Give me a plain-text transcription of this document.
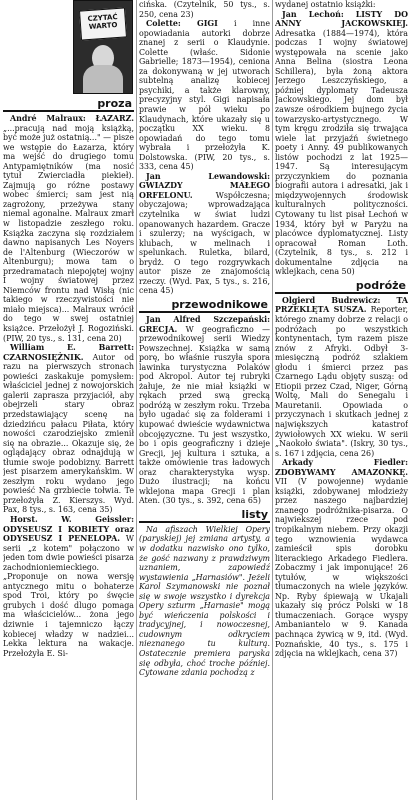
CZYTAĆ WARTO
proza

André Malraux: ŁAZARZ. „...pracują nad moją książką, być może już ostatnią..." — pisze we wstępie do Łazarza, który ma wejść do drugiego tomu Antypamiętników (ma nosić tytuł Zwierciadła piekieł). Zajmują go różne postawy wobec śmierci; sam jest nią zagrożony, przeżywa stany niemal agonalne. Malraux zmarł w listopadzie zeszłego roku. Książka zaczyna się rozdziałem dawno napisanych Les Noyers de l'Altenburg (Wieczorów w Altenburgu); mowa tam o przedramatach niepojętej wojny I wojny światowej przez Niemców frontu nad Wisłą (nic takiego w rzeczywistości nie miało miejsca)... Malraux wrócił do tego w swej ostatniej książce. Przełożył J. Rogoziński. (PIW, 20 tys., s. 131, cena 20)

William E. Barrett: CZARNOSIĘŻNIK. Autor od razu na pierwszych stronach powieści zaskakuje pomysłem: właściciel jednej z nowojorskich galerii zaprasza przyjaciół, aby obejrzeli stary obraz przedstawiający scenę na dziedzińcu pałacu Piłata, który nowości czarodziejsko zmienił się na obrazie... Okazuje się, że oglądający obraz odnajdują w tłumie swoje podobizny. Barrett jest pisarzem amerykańskim. W zeszłym roku wydano jego powieść Na grzbiecie tołwia. Te przełożyła Z. Kierszys. Wyd. Pax, 8 tys., s. 163, cena 35)

Horst. W. Geissler: ODYSEUSZ I KOBIETY oraz ODYSEUSZ I PENELOPA. W serii „z kotem" połączono w jeden tom dwie powieści pisarza zachodnioniemieckiego. „Proponuje on nowa wersję antycznego mitu o bohaterze spod Troi, który po śwęcie grubych i dość dlugo pomaga ma właścicielów... żona jego dziwnie i tajemniczo łączy kobiecej władzy w nadziei... Lekka lektura na wakacje. Przełożyła E. Si-

cińska. (Czytelnik, 50 tys., s. 250, cena 23)

Colette: GIGI i inne opowiadania autorki dobrze znanej z serii o Klaudynie. Colette (właśc. Sidonie Gabrielle; 1873—1954), ceniona za dokonywaną w jej utworach subtelną analizę kobiecej psychiki, a także klarowny, precyzyjny styl. Gigi napisała prawie w pół wieku po Klaudynach, które ukazały się u początku XX wieku. 8 opowiadań do tego tomu wybrała i przełożyła K. Dolstowska. (PIW, 20 tys., s. 333, cena 45)

Jan Lewandowski: GWIAZDY MAŁEGO ORFELONU.	Współczesna; obyczajowa; wprowadzająca czytelnika w świat ludzi opanowanych hazardem. Gracze i szulerzy; na wyścigach, w klubach, w melinach i spelunkach. Ruletka, bilard, brydż. O tego rozgrywkach autor pisze ze znajomością rzeczy. (Wyd. Pax, 5 tys., s. 216, cena 45)

przewodnikowe

Jan Alfred Szczepański: GRECJA. W geograficzno — przewodnikowej serii Wiedzy Powszechnej. Książka w samą porę, bo właśnie ruszyła spora lawinka turystyczna Polaków pod Akropol. Autor tej rubryki żałuje, że nie miał książki w rękach przed swą grecką podróżą w zeszłym roku. Trzeba było ugadać się za folderami i kupować dwieście wydawnictwa obcojęzyczne. Tu jest wszystko, bo i opis geograficzny i dzieje Grecji, jej kultura i sztuka, a także omówienie tras ładowych oraz charakterystyka wysp. Dużo ilustracji; na końcu wklejona mapa Grecji i plan Aten. (30 tys., s. 392, cena 65)

listy

Na afiszach Wielkiej Opery (paryskiej) jej zmiana artysty, a w dodatku nazwisko ono tylko, że gość nazwany z prawdziwym uznaniem, zapowiedź wystawienia „Harnasiów". Jeżeli Karol Szymanowski nie poznał się w swoje wszystko i dyrekcja Opery szturm „Harnasie" mogą być wieńczenia polskości i tradycyjnej, i nowoczesnej, cudownym odkryciem nieznanego tu kulturą. Ostatecznie premiera paryska się odbyła, choć troche później. Cytowane zdania pochodzą z

wydanej ostatnio książki:

Jan Lechoń: LISTY DO ANNY JACKOWSKIEJ. Adresatka (1884—1974), która podczas I wojny światowej występowała na scenie jako Anna Belina (siostra Leona Schillera), była żoną aktora Jerzego Leszczyńskiego, a później dyplomaty Tadeusza Jackowskiego. Jej dom był zawsze ośrodkiem bujnego życia towarzysko-artystycznego. W tym kręgu zrodziła się trwająca wiele lat przyjaźń świetnego poety i Anny. 49 publikowanych listów pochodzi z lat 1925—1947. Są interesującym przyczynkiem do poznania biografii autora i adresatki, jak i międzywojennych środowisk kulturalnych polityczności. Cytowany tu list pisał Lechoń w 1934, który był w Paryżu na placówce dyplomatycznej. Listy opracował Roman Loth. (Czytelnik, 8 tys., s. 212 i dokumentalne zdjęcia na wklejkach, cena 50)

podróże

Olgierd Budrewicz: TA PRZEKLĘTA SUSZA. Reporter, którego znamy dobrze z relacji o podróżach po wszystkich kontynentach, tym razem pisze znów z Afryki. Odbył 3-miesięczną podróż szlakiem głodu i śmierci przez pas Czarnego Lądu objęty suszą: od Etiopii przez Czad, Niger, Górną Woltę, Mali do Senegalu i Mauretanii. Opowiada o przyczynach i skutkach jednej z największych katastrof żywiołowych XX wieku. W serii „Naokoło świata". (Iskry, 30 tys., s. 167 i zdjęcia, cena 26)

Arkady Fiedler: ZDOBYWAMY AMAZONKĘ. VII (V powojenne) wydanie książki, zdobywanej młodzieży przez naszego najbardziej znanego podróżnika-pisarza. O najwiekszej rzece pod tropikalnym niebem. Przy okazji tego wznowienia wydawca zamieścił spis dorobku literackiego Arkadego Fiedlera. Zobaczmy i jak imponujące! 26 tytułów, w większości tłumaczonych na wiele języków. Np. Ryby śpiewają w Ukajali ukazały się prócz Polski w 18 tłumaczeniach. Gorące wyspy Ambaniantelo w 9. Kanada pachnąca żywicą w 9, itd. (Wyd. Poznańskie, 40 tys., s. 175 i zdjęcia na wklejkach, cena 37)
